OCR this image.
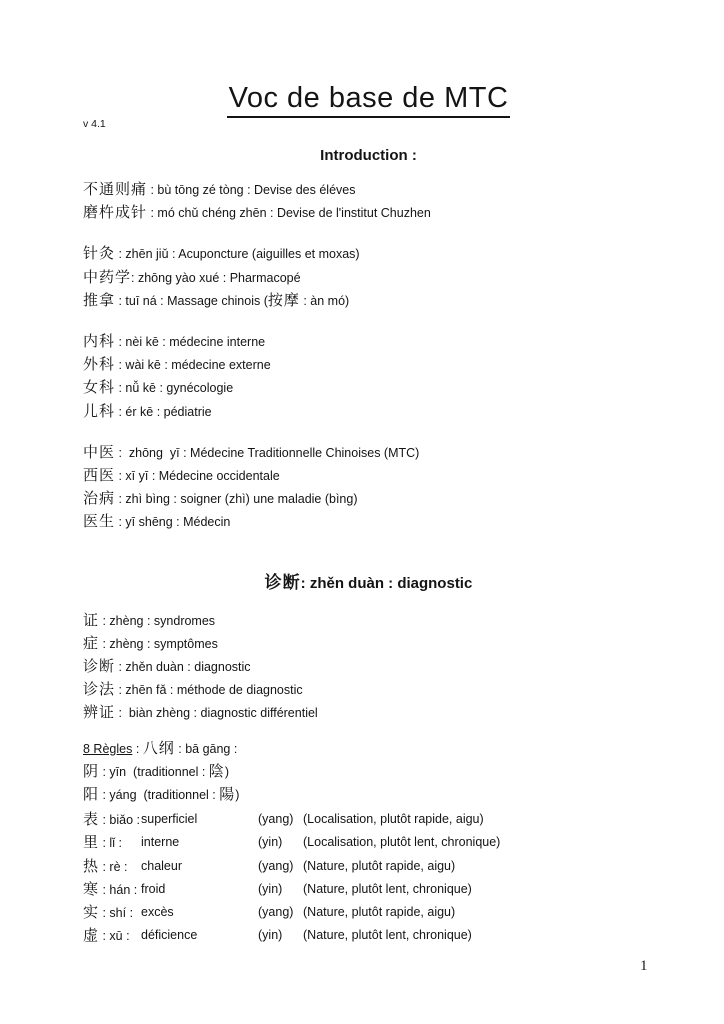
Voc de base de MTC
v 4.1
Introduction :
不通则痛 : bù tōng zé tòng : Devise des éléves
磨杵成针 : mó chǔ chéng zhēn : Devise de l'institut Chuzhen
针灸 : zhēn jiǔ : Acuponcture (aiguilles et moxas)
中药学: zhōng yào xué : Pharmacopé
推拿 : tuī ná : Massage chinois (按摩 : àn mó)
内科 : nèi kē : médecine interne
外科 : wài kē : médecine externe
女科 : nǚ kē : gynécologie
儿科 : ér kē : pédiatrie
中医 :  zhōng  yī : Médecine Traditionnelle Chinoises (MTC)
西医 : xī yī : Médecine occidentale
治病 : zhì bìng : soigner (zhì) une maladie (bìng)
医生 : yī shēng : Médecin
诊断: zhěn duàn : diagnostic
证 : zhèng : syndromes
症 : zhèng : symptômes
诊断 : zhěn duàn : diagnostic
诊法 : zhēn fǎ : méthode de diagnostic
辨证 :  biàn zhèng : diagnostic différentiel
8 Règles : 八纲 : bā gāng :
阴 : yīn  (traditionnel : 陰)
阳 : yáng  (traditionnel : 陽)
表 : biǎo : superficiel	(yang) (Localisation, plutôt rapide, aigu)
里 : lǐ :	interne	(yin)	(Localisation, plutôt lent, chronique)
热 : rè :	chaleur	(yang) (Nature, plutôt rapide, aigu)
寒 : hán : froid	(yin)	(Nature, plutôt lent, chronique)
实 : shí : excès	(yang) (Nature, plutôt rapide, aigu)
虚 : xū : déficience	(yin)	(Nature, plutôt lent, chronique)
1
